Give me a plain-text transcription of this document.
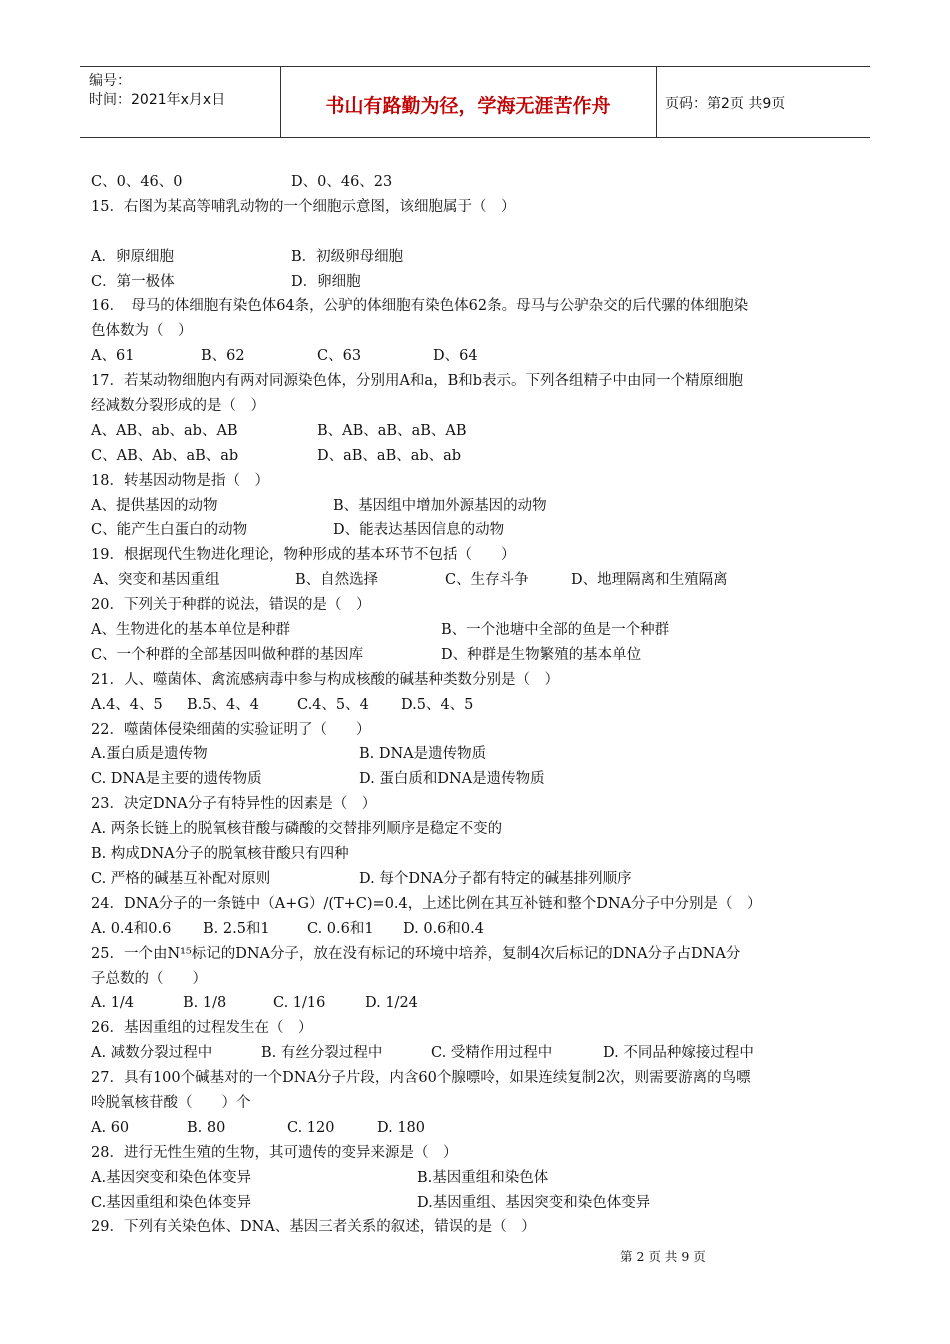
编号：
时间：2021年x月x日	书山有路勤为径，学海无涯苦作舟	页码：第2页 共9页
C、0、46、0	D、0、46、23
15．右图为某高等哺乳动物的一个细胞示意图，该细胞属于（　）
A．卵原细胞	B．初级卵母细胞
C．第一极体	D．卵细胞
16．　母马的体细胞有染色体64条，公驴的体细胞有染色体62条。母马与公驴杂交的后代骡的体细胞染
色体数为（　）
A、61	B、62	C、63	D、64
17．若某动物细胞内有两对同源染色体，分别用A和a，B和b表示。下列各组精子中由同一个精原细胞
经减数分裂形成的是（　）
A、AB、ab、ab、AB	B、AB、aB、aB、AB
C、AB、Ab、aB、ab	D、aB、aB、ab、ab
18．转基因动物是指（　）
A、提供基因的动物	B、基因组中增加外源基因的动物
C、能产生白蛋白的动物	D、能表达基因信息的动物
19．根据现代生物进化理论，物种形成的基本环节不包括（　　）
A、突变和基因重组	B、自然选择	C、生存斗争	D、地理隔离和生殖隔离
20．下列关于种群的说法，错误的是（　）
A、生物进化的基本单位是种群	B、一个池塘中全部的鱼是一个种群
C、一个种群的全部基因叫做种群的基因库	D、种群是生物繁殖的基本单位
21．人、噬菌体、禽流感病毒中参与构成核酸的碱基种类数分别是（　）
A.4、4、5 B.5、4、4	C.4、5、4 D.5、4、5
22．噬菌体侵染细菌的实验证明了（　　）
A.蛋白质是遗传物	B. DNA是遗传物质
C. DNA是主要的遗传物质	D. 蛋白质和DNA是遗传物质
23．决定DNA分子有特异性的因素是（　）
A. 两条长链上的脱氧核苷酸与磷酸的交替排列顺序是稳定不变的
B. 构成DNA分子的脱氧核苷酸只有四种
C. 严格的碱基互补配对原则	D. 每个DNA分子都有特定的碱基排列顺序
24．DNA分子的一条链中（A+G）/(T+C)=0.4，上述比例在其互补链和整个DNA分子中分别是（　）
A. 0.4和0.6 B. 2.5和1	C. 0.6和1 D. 0.6和0.4
25．一个由N¹⁵标记的DNA分子，放在没有标记的环境中培养，复制4次后标记的DNA分子占DNA分
子总数的（　　）
A. 1/4	B. 1/8	C. 1/16	D. 1/24
26．基因重组的过程发生在（　）
A. 减数分裂过程中	B. 有丝分裂过程中	C. 受精作用过程中	D. 不同品种嫁接过程中
27．具有100个碱基对的一个DNA分子片段，内含60个腺嘌呤，如果连续复制2次，则需要游离的鸟嘌
呤脱氧核苷酸（　　）个
A. 60	B. 80	C. 120	D. 180
28．进行无性生殖的生物，其可遗传的变异来源是（　）
A.基因突变和染色体变异	B.基因重组和染色体
C.基因重组和染色体变异	D.基因重组、基因突变和染色体变异
29．下列有关染色体、DNA、基因三者关系的叙述，错误的是（　）
第 2 页 共 9 页
